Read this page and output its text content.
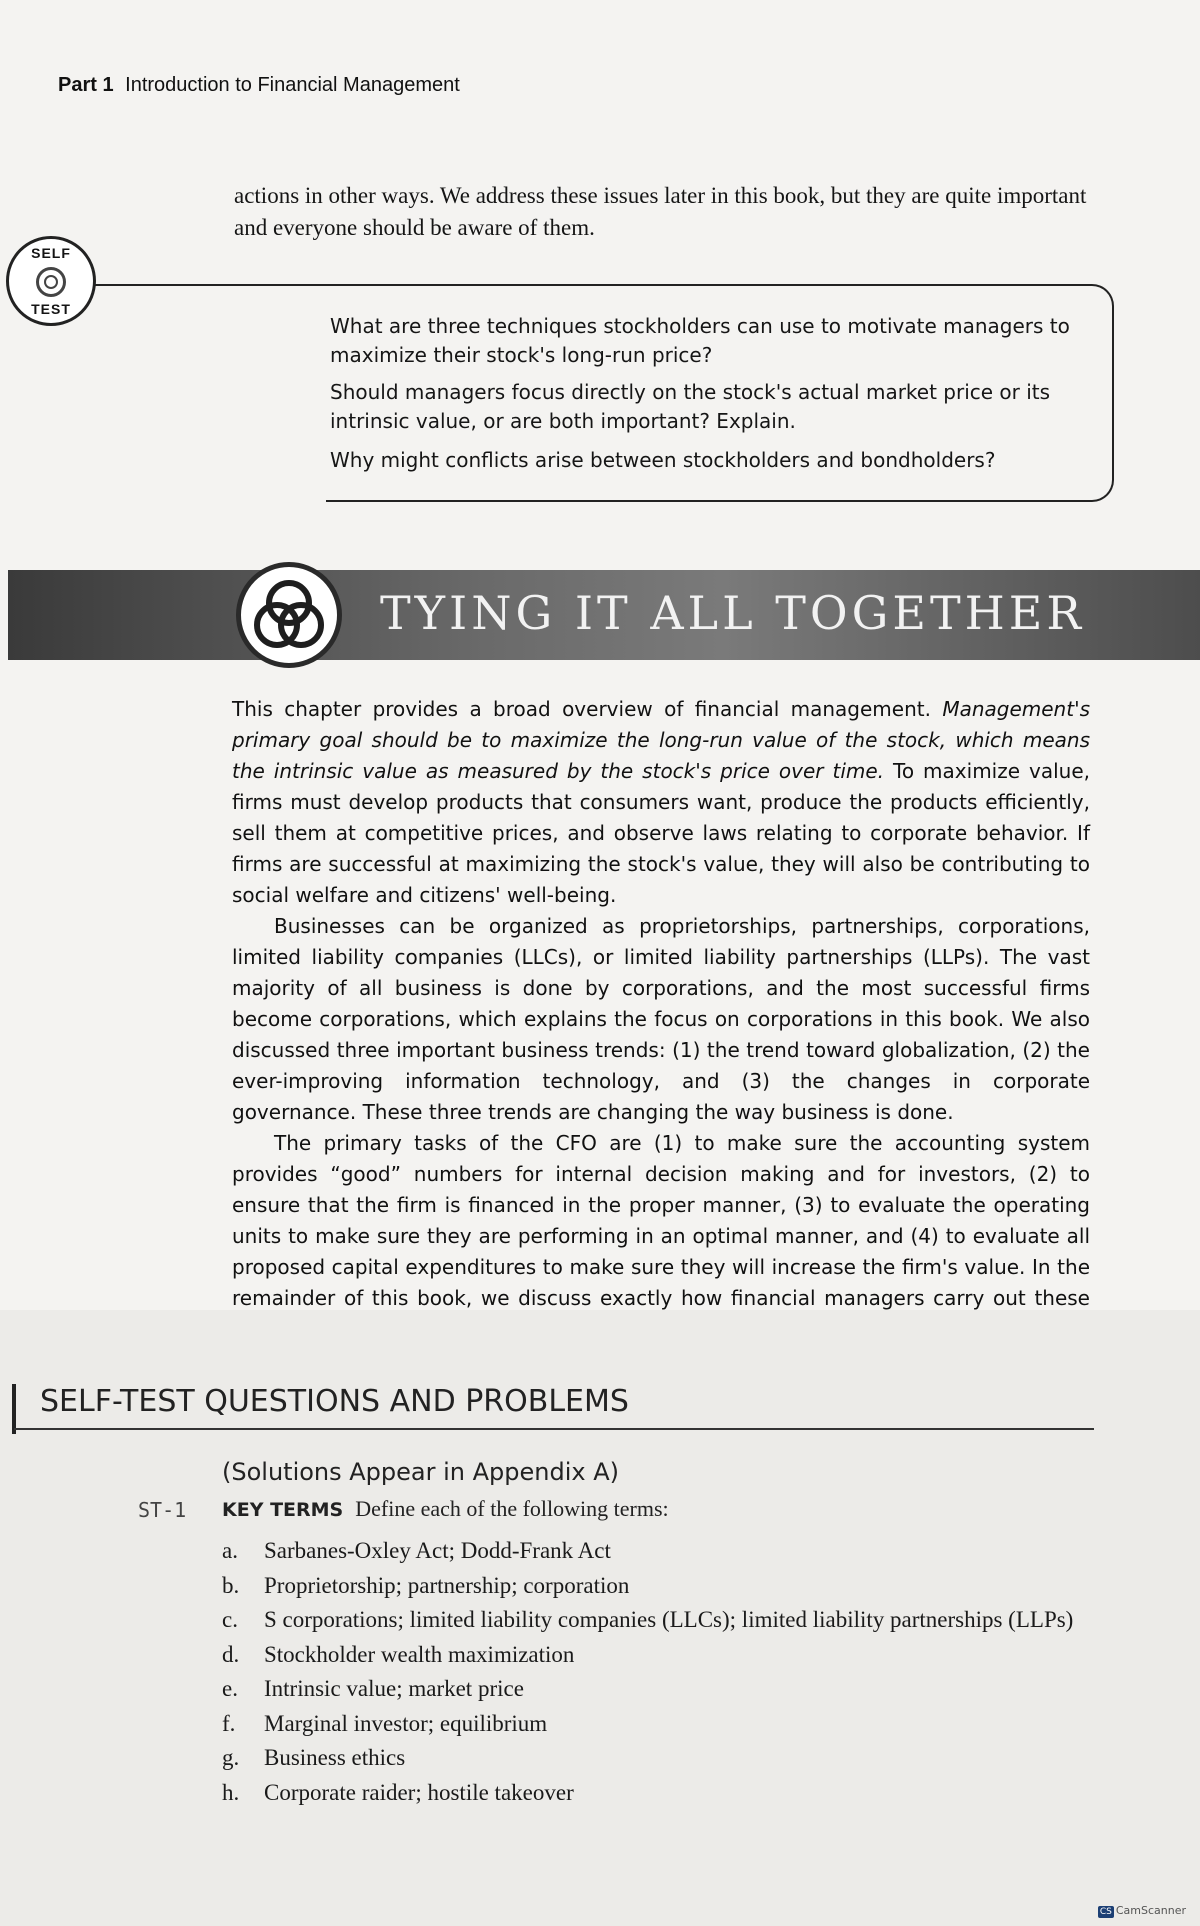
Part 1 Introduction to Financial Management
actions in other ways. We address these issues later in this book, but they are quite important and everyone should be aware of them.
SELF
TEST
What are three techniques stockholders can use to motivate managers to maximize their stock's long-run price?
Should managers focus directly on the stock's actual market price or its intrinsic value, or are both important? Explain.
Why might conflicts arise between stockholders and bondholders?
TYING IT ALL TOGETHER

This chapter provides a broad overview of financial management. Management's primary goal should be to maximize the long-run value of the stock, which means the intrinsic value as measured by the stock's price over time. To maximize value, firms must develop products that consumers want, produce the products efficiently, sell them at competitive prices, and observe laws relating to corporate behavior. If firms are successful at maximizing the stock's value, they will also be contributing to social welfare and citizens' well-being.

Businesses can be organized as proprietorships, partnerships, corporations, limited liability companies (LLCs), or limited liability partnerships (LLPs). The vast majority of all business is done by corporations, and the most successful firms become corporations, which explains the focus on corporations in this book. We also discussed three important business trends: (1) the trend toward globalization, (2) the ever-improving information technology, and (3) the changes in corporate governance. These three trends are changing the way business is done.

The primary tasks of the CFO are (1) to make sure the accounting system provides “good” numbers for internal decision making and for investors, (2) to ensure that the firm is financed in the proper manner, (3) to evaluate the operating units to make sure they are performing in an optimal manner, and (4) to evaluate all proposed capital expenditures to make sure they will increase the firm's value. In the remainder of this book, we discuss exactly how financial managers carry out these

SELF-TEST QUESTIONS AND PROBLEMS
(Solutions Appear in Appendix A)
ST-1 KEY TERMS Define each of the following terms:
a. Sarbanes-Oxley Act; Dodd-Frank Act
b. Proprietorship; partnership; corporation
c. S corporations; limited liability companies (LLCs); limited liability partnerships (LLPs)
d. Stockholder wealth maximization
e. Intrinsic value; market price
f. Marginal investor; equilibrium
g. Business ethics
h. Corporate raider; hostile takeover
CS CamScanner
